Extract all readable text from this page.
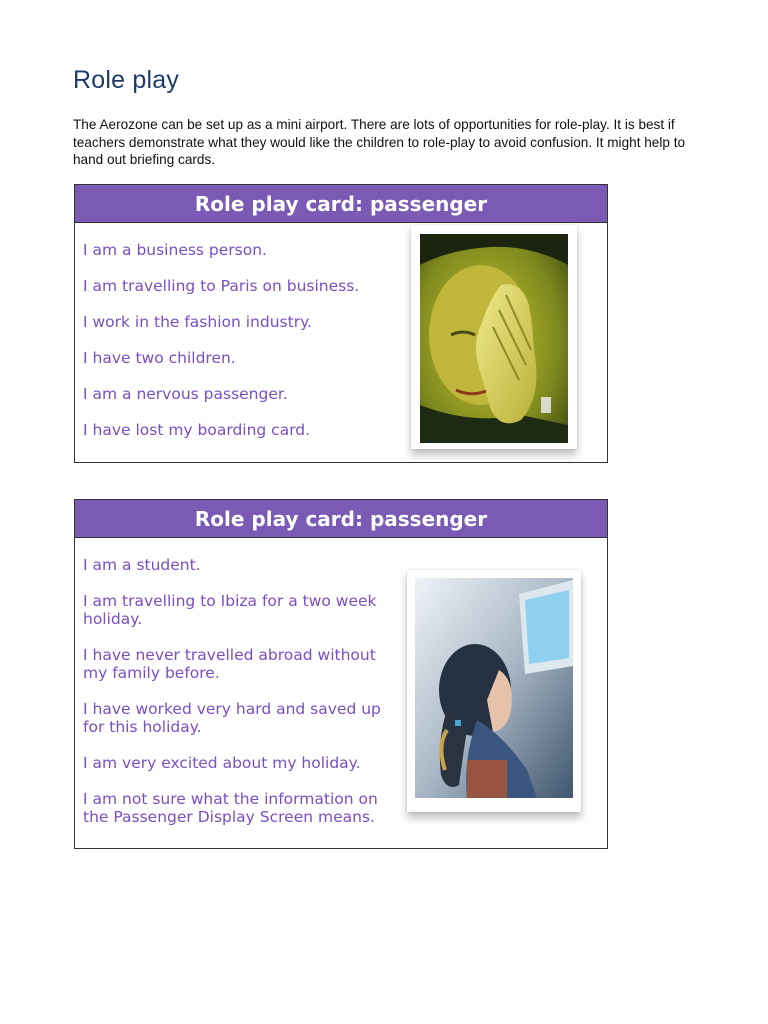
Role play

The Aerozone can be set up as a mini airport. There are lots of opportunities for role-play. It is best if teachers demonstrate what they would like the children to role-play to avoid confusion. It might help to hand out briefing cards.

Role play card: passenger

I am a business person.

I am travelling to Paris on business.

I work in the fashion industry.

I have two children.

I am a nervous passenger.

I have lost my boarding card.

Role play card: passenger

I am a student.

I am travelling to Ibiza for a two week holiday.

I have never travelled abroad without my family before.

I have worked very hard and saved up for this holiday.

I am very excited about my holiday.

I am not sure what the information on the Passenger Display Screen means.
